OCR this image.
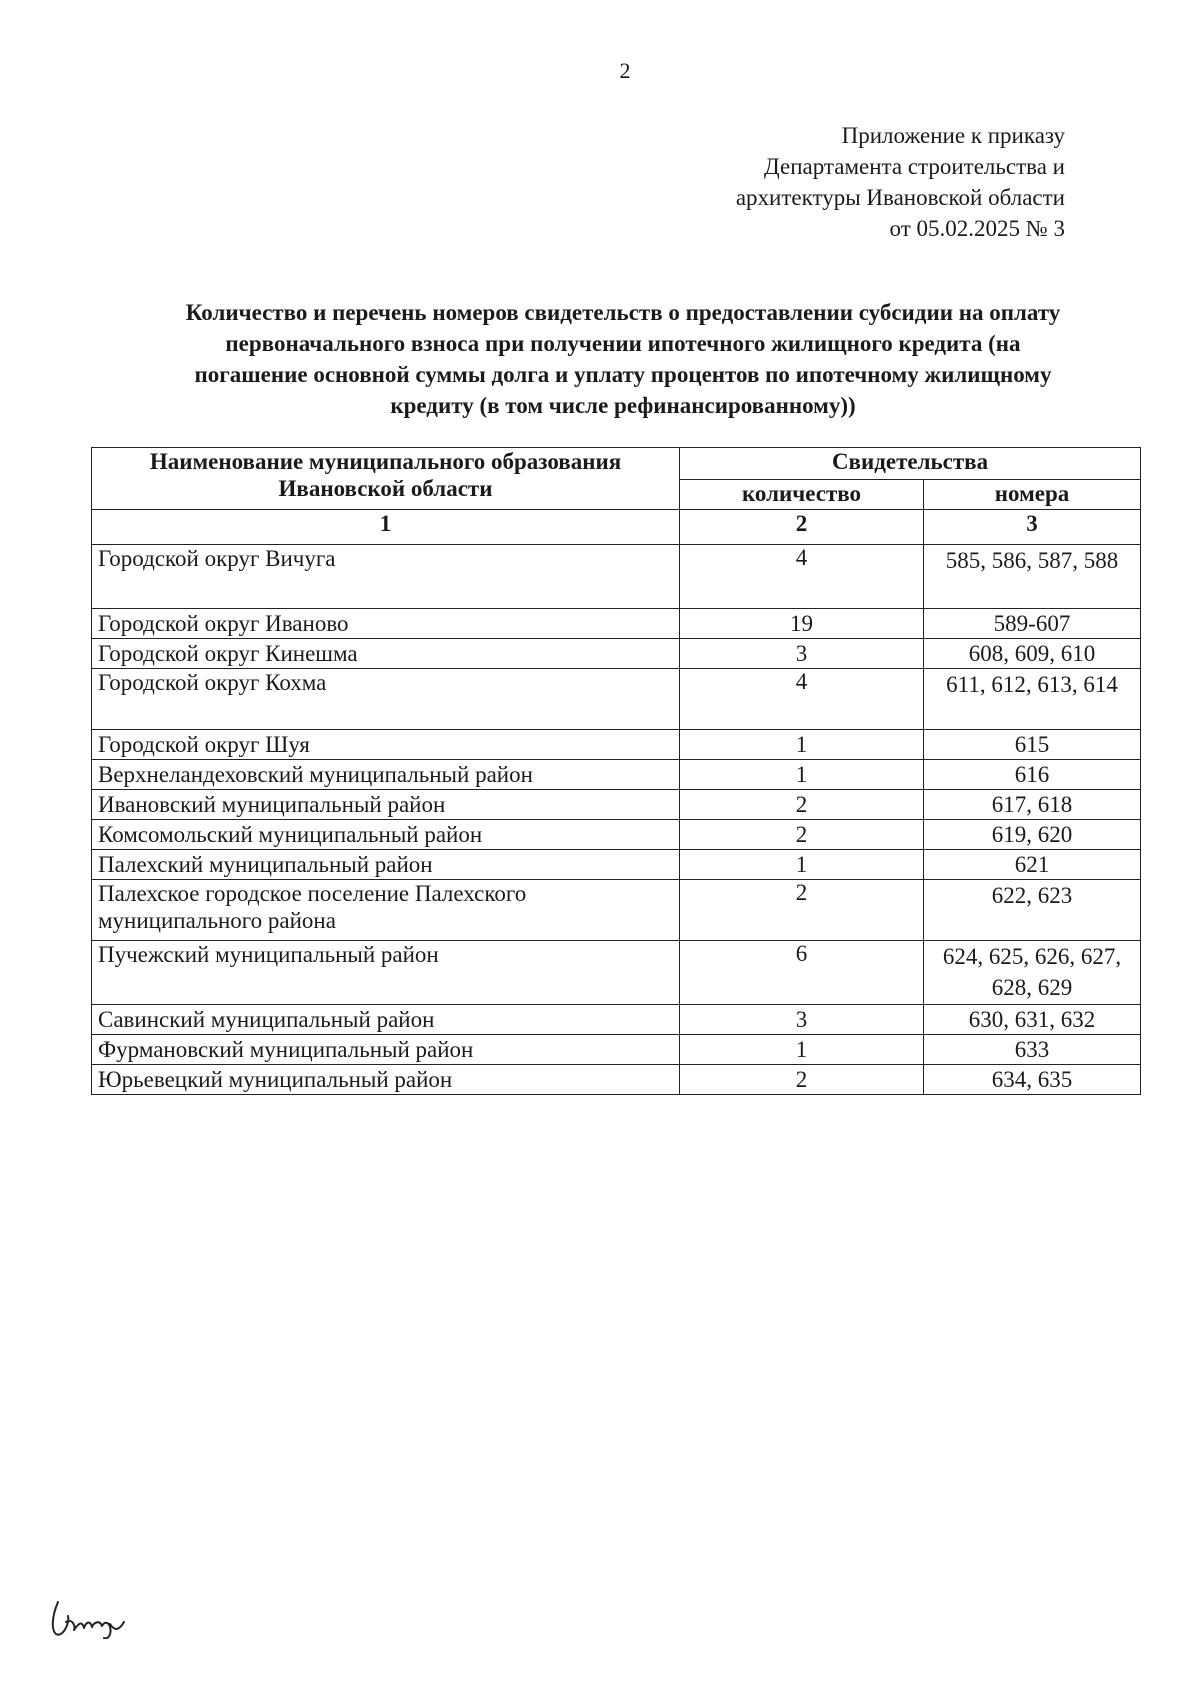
2
Приложение к приказу
Департамента строительства и
архитектуры Ивановской области
от 05.02.2025 № 3
Количество и перечень номеров свидетельств о предоставлении субсидии на оплату
первоначального взноса при получении ипотечного жилищного кредита (на
погашение основной суммы долга и уплату процентов по ипотечному жилищному
кредиту (в том числе рефинансированному))
Наименование муниципального образования Ивановской области	Свидетельства	
	количество	номера
1	2	3
Городской округ Вичуга	4	585, 586, 587, 588
Городской округ Иваново	19	589-607
Городской округ Кинешма	3	608, 609, 610
Городской округ Кохма	4	611, 612, 613, 614
Городской округ Шуя	1	615
Верхнеландеховский муниципальный район	1	616
Ивановский муниципальный район	2	617, 618
Комсомольский муниципальный район	2	619, 620
Палехский муниципальный район	1	621
Палехское городское поселение Палехского муниципального района	2	622, 623
Пучежский муниципальный район	6	624, 625, 626, 627, 628, 629
Савинский муниципальный район	3	630, 631, 632
Фурмановский муниципальный район	1	633
Юрьевецкий муниципальный район	2	634, 635
